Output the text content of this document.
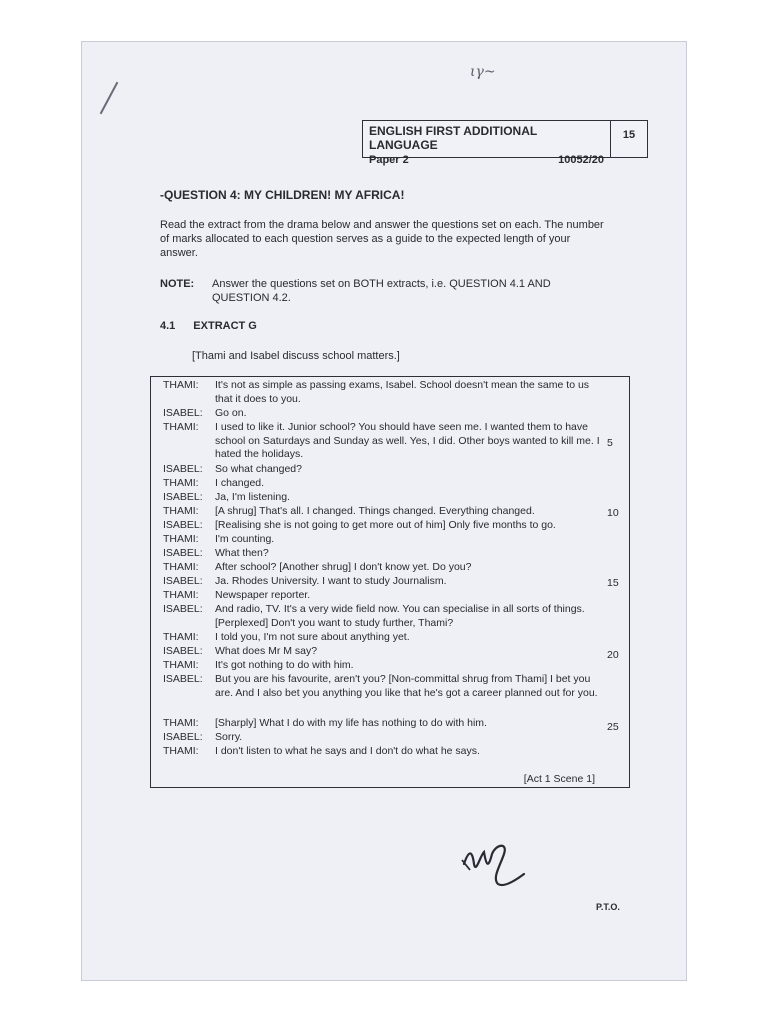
ιγ~
ENGLISH FIRST ADDITIONAL LANGUAGE
Paper 2	10052/20
15
-QUESTION 4: MY CHILDREN! MY AFRICA!
Read the extract from the drama below and answer the questions set on each. The number of marks allocated to each question serves as a guide to the expected length of your answer.
NOTE:	Answer the questions set on BOTH extracts, i.e. QUESTION 4.1 AND QUESTION 4.2.
4.1 EXTRACT G
[Thami and Isabel discuss school matters.]
THAMI:	It's not as simple as passing exams, Isabel. School doesn't mean the same to us that it does to you.
ISABEL:	Go on.
THAMI:	I used to like it. Junior school? You should have seen me. I wanted them to have school on Saturdays and Sunday as well. Yes, I did. Other boys wanted to kill me. I hated the holidays.
ISABEL:	So what changed?
THAMI:	I changed.
ISABEL:	Ja, I'm listening.
THAMI:	[A shrug] That's all. I changed. Things changed. Everything changed.
ISABEL:	[Realising she is not going to get more out of him] Only five months to go.
THAMI:	I'm counting.
ISABEL:	What then?
THAMI:	After school? [Another shrug] I don't know yet. Do you?
ISABEL:	Ja. Rhodes University. I want to study Journalism.
THAMI:	Newspaper reporter.
ISABEL:	And radio, TV. It's a very wide field now. You can specialise in all sorts of things. [Perplexed] Don't you want to study further, Thami?
THAMI:	I told you, I'm not sure about anything yet.
ISABEL:	What does Mr M say?
THAMI:	It's got nothing to do with him.
ISABEL:	But you are his favourite, aren't you? [Non-committal shrug from Thami] I bet you are. And I also bet you anything you like that he's got a career planned out for you.
THAMI:	[Sharply] What I do with my life has nothing to do with him.
ISABEL:	Sorry.
THAMI:	I don't listen to what he says and I don't do what he says.
5
10
15
20
25
[Act 1 Scene 1]
P.T.O.
